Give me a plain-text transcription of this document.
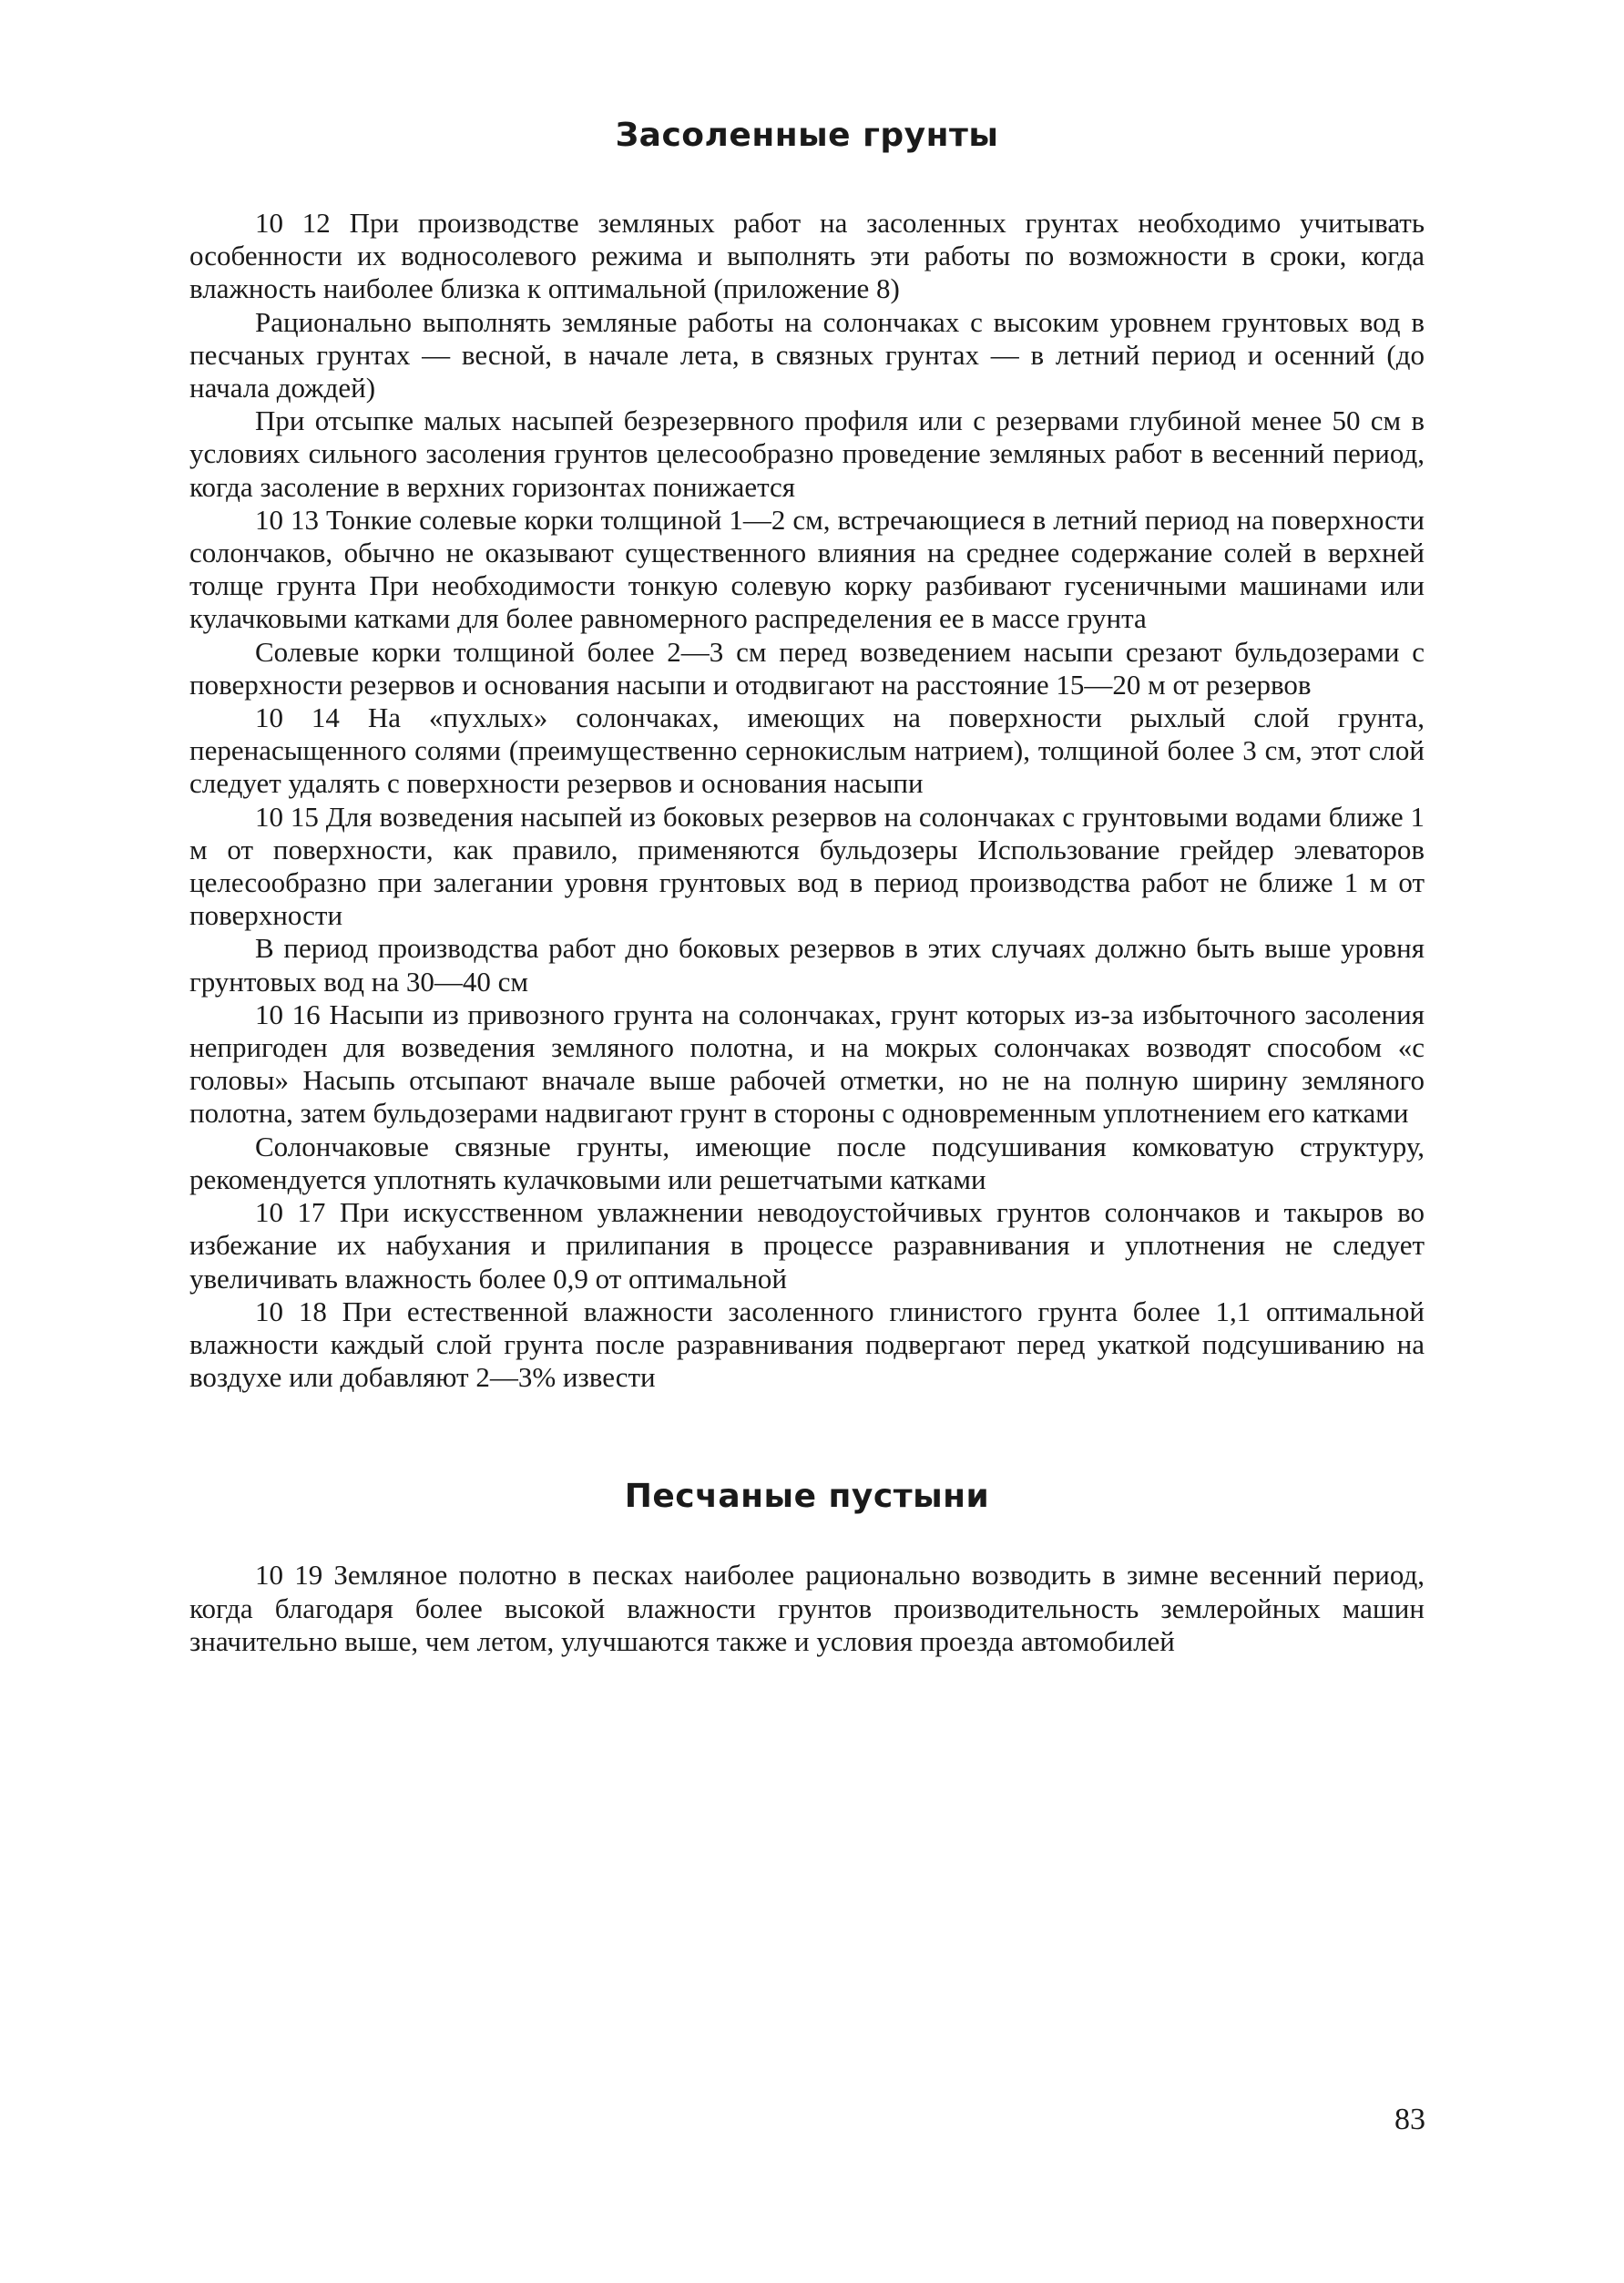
Засоленные грунты

10 12 При производстве земляных работ на засоленных грунтах необходимо учитывать особенности их водносолевого режима и выполнять эти работы по возможности в сроки, когда влажность наиболее близка к оптимальной (приложение 8)

Рационально выполнять земляные работы на солончаках с высоким уровнем грунтовых вод в песчаных грунтах — весной, в начале лета, в связных грунтах — в летний период и осенний (до начала дождей)

При отсыпке малых насыпей безрезервного профиля или с резервами глубиной менее 50 см в условиях сильного засоления грунтов целесообразно проведение земляных работ в весенний период, когда засоление в верхних горизонтах понижается

10 13 Тонкие солевые корки толщиной 1—2 см, встречающиеся в летний период на поверхности солончаков, обычно не оказывают существенного влияния на среднее содержание солей в верхней толще грунта При необходимости тонкую солевую корку разбивают гусеничными машинами или кулачковыми катками для более равномерного распределения ее в массе грунта

Солевые корки толщиной более 2—3 см перед возведением насыпи срезают бульдозерами с поверхности резервов и основания насыпи и отодвигают на расстояние 15—20 м от резервов

10 14 На «пухлых» солончаках, имеющих на поверхности рыхлый слой грунта, перенасыщенного солями (преимущественно сернокислым натрием), толщиной более 3 см, этот слой следует удалять с поверхности резервов и основания насыпи

10 15 Для возведения насыпей из боковых резервов на солончаках с грунтовыми водами ближе 1 м от поверхности, как правило, применяются бульдозеры Использование грейдер элеваторов целесообразно при залегании уровня грунтовых вод в период производства работ не ближе 1 м от поверхности

В период производства работ дно боковых резервов в этих случаях должно быть выше уровня грунтовых вод на 30—40 см

10 16 Насыпи из привозного грунта на солончаках, грунт которых из-за избыточного засоления непригоден для возведения земляного полотна, и на мокрых солончаках возводят способом «с головы» Насыпь отсыпают вначале выше рабочей отметки, но не на полную ширину земляного полотна, затем бульдозерами надвигают грунт в стороны с одновременным уплотнением его катками

Солончаковые связные грунты, имеющие после подсушивания комковатую структуру, рекомендуется уплотнять кулачковыми или решетчатыми катками

10 17 При искусственном увлажнении неводоустойчивых грунтов солончаков и такыров во избежание их набухания и прилипания в процессе разравнивания и уплотнения не следует увеличивать влажность более 0,9 от оптимальной

10 18 При естественной влажности засоленного глинистого грунта более 1,1 оптимальной влажности каждый слой грунта после разравнивания подвергают перед укаткой подсушиванию на воздухе или добавляют 2—3% извести

Песчаные пустыни

10 19 Земляное полотно в песках наиболее рационально возводить в зимне весенний период, когда благодаря более высокой влажности грунтов производительность землеройных машин значительно выше, чем летом, улучшаются также и условия проезда автомобилей

83
